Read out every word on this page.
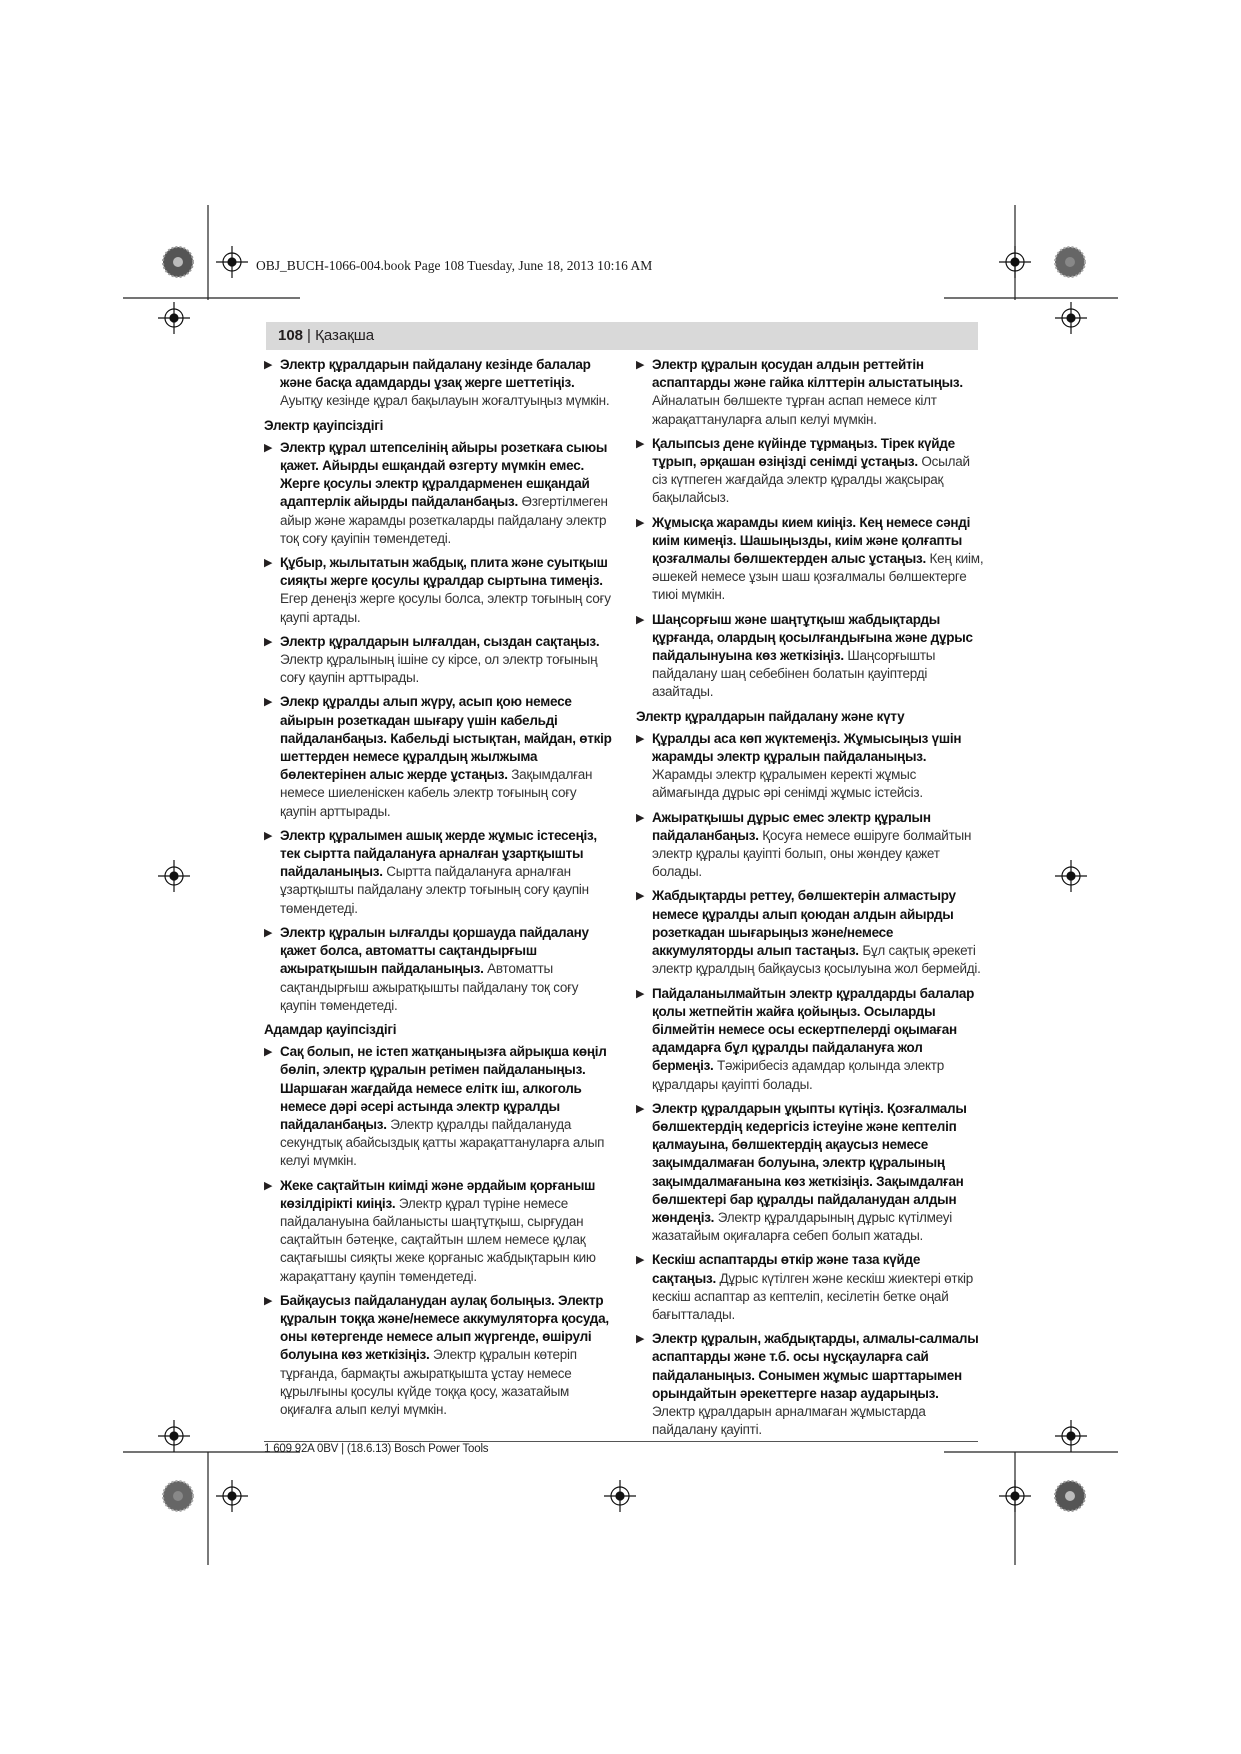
OBJ_BUCH-1066-004.book Page 108 Tuesday, June 18, 2013 10:16 AM
108
| Қазақша
▶ Электр құралдарын пайдалану кезінде балалар және басқа адамдарды ұзақ жерге шеттетіңіз. Ауытқу кезінде құрал бақылауын жоғалтуыңыз мүмкін.
Электр қауіпсіздігі
▶ Электр құрал штепселінің айыры розеткаға сыюы қажет. Айырды ешқандай өзгерту мүмкін емес. Жерге қосулы электр құралдарменен ешқандай адаптерлік айырды пайдаланбаңыз. Өзгертілмеген айыр және жарамды розеткаларды пайдалану электр тоқ соғу қауіпін төмендетеді.
▶ Құбыр, жылытатын жабдық, плита және суытқыш сияқты жерге қосулы құралдар сыртына тимеңіз. Егер денеңіз жерге қосулы болса, электр тоғының соғу қаупі артады.
▶ Электр құралдарын ылғалдан, сыздан сақтаңыз. Электр құралының ішіне су кірсе, ол электр тоғының соғу қаупін арттырады.
▶ Элекр құралды алып жүру, асып қою немесе айырын розеткадан шығару үшін кабельді пайдаланбаңыз. Кабельді ыстықтан, майдан, өткір шеттерден немесе құралдың жылжыма бөлектерінен алыс жерде ұстаңыз. Зақымдалған немесе шиеленіскен кабель электр тоғының соғу қаупін арттырады.
▶ Электр құралымен ашық жерде жұмыс істесеңіз, тек сыртта пайдалануға арналған ұзартқышты пайдаланыңыз. Сыртта пайдалануға арналған ұзартқышты пайдалану электр тоғының соғу қаупін төмендетеді.
▶ Электр құралын ылғалды қоршауда пайдалану қажет болса, автоматты сақтандырғыш ажыратқышын пайдаланыңыз. Автоматты сақтандырғыш ажыратқышты пайдалану тоқ соғу қаупін төмендетеді.
Адамдар қауіпсіздігі
▶ Сақ болып, не істеп жатқаныңызға айрықша көңіл бөліп, электр құралын ретімен пайдаланыңыз. Шаршаған жағдайда немесе елітк іш, алкоголь немесе дәрі әсері астында электр құралды пайдаланбаңыз. Электр құралды пайдалануда секундтық абайсыздық қатты жарақаттануларға алып келуі мүмкін.
▶ Жеке сақтайтын киімді және әрдайым қорғаныш көзілдірікті киіңіз. Электр құрал түріне немесе пайдалануына байланысты шаңтұтқыш, сырғудан сақтайтын бәтеңке, сақтайтын шлем немесе құлақ сақтағышы сияқты жеке қорғаныс жабдықтарын кию жарақаттану қаупін төмендетеді.
▶ Байқаусыз пайдаланудан аулақ болыңыз. Электр құралын тоққа және/немесе аккумуляторға қосуда, оны көтергенде немесе алып жүргенде, өшірулі болуына көз жеткізіңіз. Электр құралын көтеріп тұрғанда, бармақты ажыратқышта ұстау немесе құрылғыны қосулы күйде тоққа қосу, жазатайым оқиғалға алып келуі мүмкін.
▶ Электр құралын қосудан алдын реттейтін аспаптарды және гайка кілттерін алыстатыңыз. Айналатын бөлшекте тұрған аспап немесе кілт жарақаттануларға алып келуі мүмкін.
▶ Қалыпсыз дене күйінде тұрмаңыз. Тірек күйде тұрып, әрқашан өзіңізді сенімді ұстаңыз. Осылай сіз күтпеген жағдайда электр құралды жақсырақ бақылайсыз.
▶ Жұмысқа жарамды кием киіңіз. Кең немесе сәнді киім кимеңіз. Шашыңызды, киім және қолғапты қозғалмалы бөлшектерден алыс ұстаңыз. Кең киім, әшекей немесе ұзын шаш қозғалмалы бөлшектерге тиюі мүмкін.
▶ Шаңсорғыш және шаңтұтқыш жабдықтарды құрғанда, олардың қосылғандығына және дұрыс пайдалынуына көз жеткізіңіз. Шаңсорғышты пайдалану шаң себебінен болатын қауіптерді азайтады.
Электр құралдарын пайдалану және күту
▶ Құралды аса көп жүктемеңіз. Жұмысыңыз үшін жарамды электр құралын пайдаланыңыз. Жарамды электр құралымен керекті жұмыс аймағында дұрыс әрі сенімді жұмыс істейсіз.
▶ Ажыратқышы дұрыс емес электр құралын пайдаланбаңыз. Қосуға немесе өшіруге болмайтын электр құралы қауіпті болып, оны жөндеу қажет болады.
▶ Жабдықтарды реттеу, бөлшектерін алмастыру немесе құралды алып қоюдан алдын айырды розеткадан шығарыңыз және/немесе аккумуляторды алып тастаңыз. Бұл сақтық әрекеті электр құралдың байқаусыз қосылуына жол бермейді.
▶ Пайдаланылмайтын электр құралдарды балалар қолы жетпейтін жайға қойыңыз. Осыларды білмейтін немесе осы ескертпелерді оқымаған адамдарға бұл құралды пайдалануға жол бермеңіз. Тәжірибесіз адамдар қолында электр құралдары қауіпті болады.
▶ Электр құралдарын ұқыпты күтіңіз. Қозғалмалы бөлшектердің кедергісіз істеуіне және кептеліп қалмауына, бөлшектердің ақаусыз немесе зақымдалмаған болуына, электр құралының зақымдалмағанына көз жеткізіңіз. Зақымдалған бөлшектері бар құралды пайдаланудан алдын жөндеңіз. Электр құралдарының дұрыс күтілмеуі жазатайым оқиғаларға себеп болып жатады.
▶ Кескіш аспаптарды өткір және таза күйде сақтаңыз. Дұрыс күтілген және кескіш жиектері өткір кескіш аспаптар аз кептеліп, кесілетін бетке оңай бағытталады.
▶ Электр құралын, жабдықтарды, алмалы-салмалы аспаптарды және т.б. осы нұсқауларға сай пайдаланыңыз. Сонымен жұмыс шарттарымен орындайтын әрекеттерге назар аударыңыз. Электр құралдарын арналмаған жұмыстарда пайдалану қауіпті.
1 609 92A 0BV | (18.6.13) Bosch Power Tools
